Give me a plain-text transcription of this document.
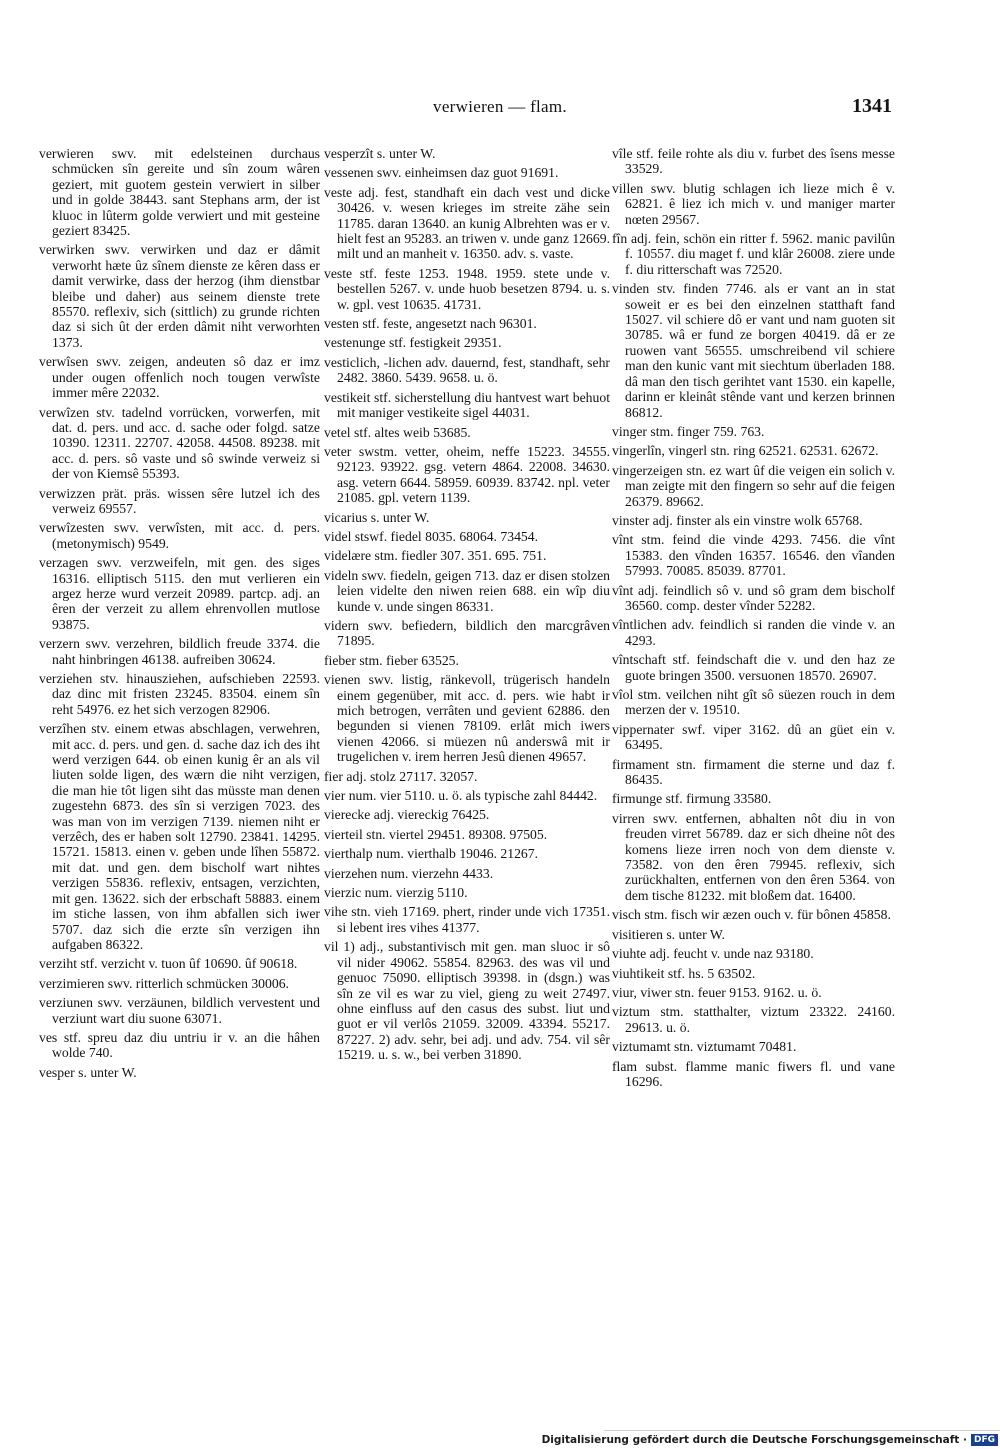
verwieren — flam.	1341

verwieren swv. mit edelsteinen durchaus schmücken sîn gereite und sîn zoum wâren geziert, mit guotem gestein verwiert in silber und in golde 38443. sant Stephans arm, der ist kluoc in lûterm golde verwiert und mit gesteine geziert 83425.

verwirken swv. verwirken und daz er dâmit verworht hæte ûz sînem dienste ze kêren dass er damit verwirke, dass der herzog (ihm dienstbar bleibe und daher) aus seinem dienste trete 85570. reflexiv, sich (sittlich) zu grunde richten daz si sich ût der erden dâmit niht verworhten 1373.

verwîsen swv. zeigen, andeuten sô daz er imz under ougen offenlich noch tougen verwîste immer mêre 22032.

verwîzen stv. tadelnd vorrücken, vorwerfen, mit dat. d. pers. und acc. d. sache oder folgd. satze 10390. 12311. 22707. 42058. 44508. 89238. mit acc. d. pers. sô vaste und sô swinde verweiz si der von Kiemsê 55393.

verwizzen prät. präs. wissen sêre lutzel ich des verweiz 69557.

verwîzesten swv. verwîsten, mit acc. d. pers. (metonymisch) 9549.

verzagen swv. verzweifeln, mit gen. des siges 16316. elliptisch 5115. den mut verlieren ein argez herze wurd verzeit 20989. partcp. adj. an êren der verzeit zu allem ehrenvollen mutlose 93875.

verzern swv. verzehren, bildlich freude 3374. die naht hinbringen 46138. aufreiben 30624.

verziehen stv. hinausziehen, aufschieben 22593. daz dinc mit fristen 23245. 83504. einem sîn reht 54976. ez het sich verzogen 82906.

verzîhen stv. einem etwas abschlagen, verwehren, mit acc. d. pers. und gen. d. sache daz ich des iht werd verzigen 644. ob einen kunig êr an als vil liuten solde ligen, des wærn die niht verzigen, die man hie tôt ligen siht das müsste man denen zugestehn 6873. des sîn si verzigen 7023. des was man von im verzigen 7139. niemen niht er verzêch, des er haben solt 12790. 23841. 14295. 15721. 15813. einen v. geben unde lîhen 55872. mit dat. und gen. dem bischolf wart nihtes verzigen 55836. reflexiv, entsagen, verzichten, mit gen. 13622. sich der erbschaft 58883. einem im stiche lassen, von ihm abfallen sich iwer 5707. daz sich die erzte sîn verzigen ihn aufgaben 86322.

verziht stf. verzicht v. tuon ûf 10690. ûf 90618.

verzimieren swv. ritterlich schmücken 30006.

verziunen swv. verzäunen, bildlich vervestent und verziunt wart diu suone 63071.

ves stf. spreu daz diu untriu ir v. an die hâhen wolde 740.

vesper s. unter W.

vesperzît s. unter W.

vessenen swv. einheimsen daz guot 91691.

veste adj. fest, standhaft ein dach vest und dicke 30426. v. wesen krieges im streite zähe sein 11785. daran 13640. an kunig Albrehten was er v. hielt fest an 95283. an triwen v. unde ganz 12669. milt und an manheit v. 16350. adv. s. vaste.

veste stf. feste 1253. 1948. 1959. stete unde v. bestellen 5267. v. unde huob besetzen 8794. u. s. w. gpl. vest 10635. 41731.

vesten stf. feste, angesetzt nach 96301.

vestenunge stf. festigkeit 29351.

vesticlich, -lichen adv. dauernd, fest, standhaft, sehr 2482. 3860. 5439. 9658. u. ö.

vestikeit stf. sicherstellung diu hantvest wart behuot mit maniger vestikeite sigel 44031.

vetel stf. altes weib 53685.

veter swstm. vetter, oheim, neffe 15223. 34555. 92123. 93922. gsg. vetern 4864. 22008. 34630. asg. vetern 6644. 58959. 60939. 83742. npl. veter 21085. gpl. vetern 1139.

vicarius s. unter W.

videl stswf. fiedel 8035. 68064. 73454.

videlære stm. fiedler 307. 351. 695. 751.

videln swv. fiedeln, geigen 713. daz er disen stolzen leien videlte den niwen reien 688. ein wîp diu kunde v. unde singen 86331.

vidern swv. befiedern, bildlich den marcgrâven 71895.

fieber stm. fieber 63525.

vienen swv. listig, ränkevoll, trügerisch handeln einem gegenüber, mit acc. d. pers. wie habt ir mich betrogen, verrâten und gevient 62886. den begunden si vienen 78109. erlât mich iwers vienen 42066. si müezen nû anderswâ mit ir trugelichen v. irem herren Jesû dienen 49657.

fier adj. stolz 27117. 32057.

vier num. vier 5110. u. ö. als typische zahl 84442.

vierecke adj. viereckig 76425.

vierteil stn. viertel 29451. 89308. 97505.

vierthalp num. vierthalb 19046. 21267.

vierzehen num. vierzehn 4433.

vierzic num. vierzig 5110.

vihe stn. vieh 17169. phert, rinder unde vich 17351. si lebent ires vihes 41377.

vil 1) adj., substantivisch mit gen. man sluoc ir sô vil nider 49062. 55854. 82963. des was vil und genuoc 75090. elliptisch 39398. in (dsgn.) was sîn ze vil es war zu viel, gieng zu weit 27497. ohne einfluss auf den casus des subst. liut und guot er vil verlôs 21059. 32009. 43394. 55217. 87227. 2) adv. sehr, bei adj. und adv. 754. vil sêr 15219. u. s. w., bei verben 31890.

vîle stf. feile rohte als diu v. furbet des îsens messe 33529.

villen swv. blutig schlagen ich lieze mich ê v. 62821. ê liez ich mich v. und maniger marter nœten 29567.

fîn adj. fein, schön ein ritter f. 5962. manic pavilûn f. 10557. diu maget f. und klâr 26008. ziere unde f. diu ritterschaft was 72520.

vinden stv. finden 7746. als er vant an in stat soweit er es bei den einzelnen statthaft fand 15027. vil schiere dô er vant und nam guoten sit 30785. wâ er fund ze borgen 40419. dâ er ze ruowen vant 56555. umschreibend vil schiere man den kunic vant mit siechtum überladen 188. dâ man den tisch gerihtet vant 1530. ein kapelle, darinn er kleinât stênde vant und kerzen brinnen 86812.

vinger stm. finger 759. 763.

vingerlîn, vingerl stn. ring 62521. 62531. 62672.

vingerzeigen stn. ez wart ûf die veigen ein solich v. man zeigte mit den fingern so sehr auf die feigen 26379. 89662.

vinster adj. finster als ein vinstre wolk 65768.

vînt stm. feind die vinde 4293. 7456. die vînt 15383. den vînden 16357. 16546. den vîanden 57993. 70085. 85039. 87701.

vînt adj. feindlich sô v. und sô gram dem bischolf 36560. comp. dester vînder 52282.

vîntlichen adv. feindlich si randen die vinde v. an 4293.

vîntschaft stf. feindschaft die v. und den haz ze guote bringen 3500. versuonen 18570. 26907.

vîol stm. veilchen niht gît sô süezen rouch in dem merzen der v. 19510.

vippernater swf. viper 3162. dû an güet ein v. 63495.

firmament stn. firmament die sterne und daz f. 86435.

firmunge stf. firmung 33580.

virren swv. entfernen, abhalten nôt diu in von freuden virret 56789. daz er sich dheine nôt des komens lieze irren noch von dem dienste v. 73582. von den êren 79945. reflexiv, sich zurückhalten, entfernen von den êren 5364. von dem tische 81232. mit bloßem dat. 16400.

visch stm. fisch wir æzen ouch v. für bônen 45858.

visitieren s. unter W.

viuhte adj. feucht v. unde naz 93180.

viuhtikeit stf. hs. 5 63502.

viur, viwer stn. feuer 9153. 9162. u. ö.

viztum stm. statthalter, viztum 23322. 24160. 29613. u. ö.

viztumamt stn. viztumamt 70481.

flam subst. flamme manic fiwers fl. und vane 16296.

Digitalisierung gefördert durch die Deutsche Forschungsgemeinschaft · DFG
